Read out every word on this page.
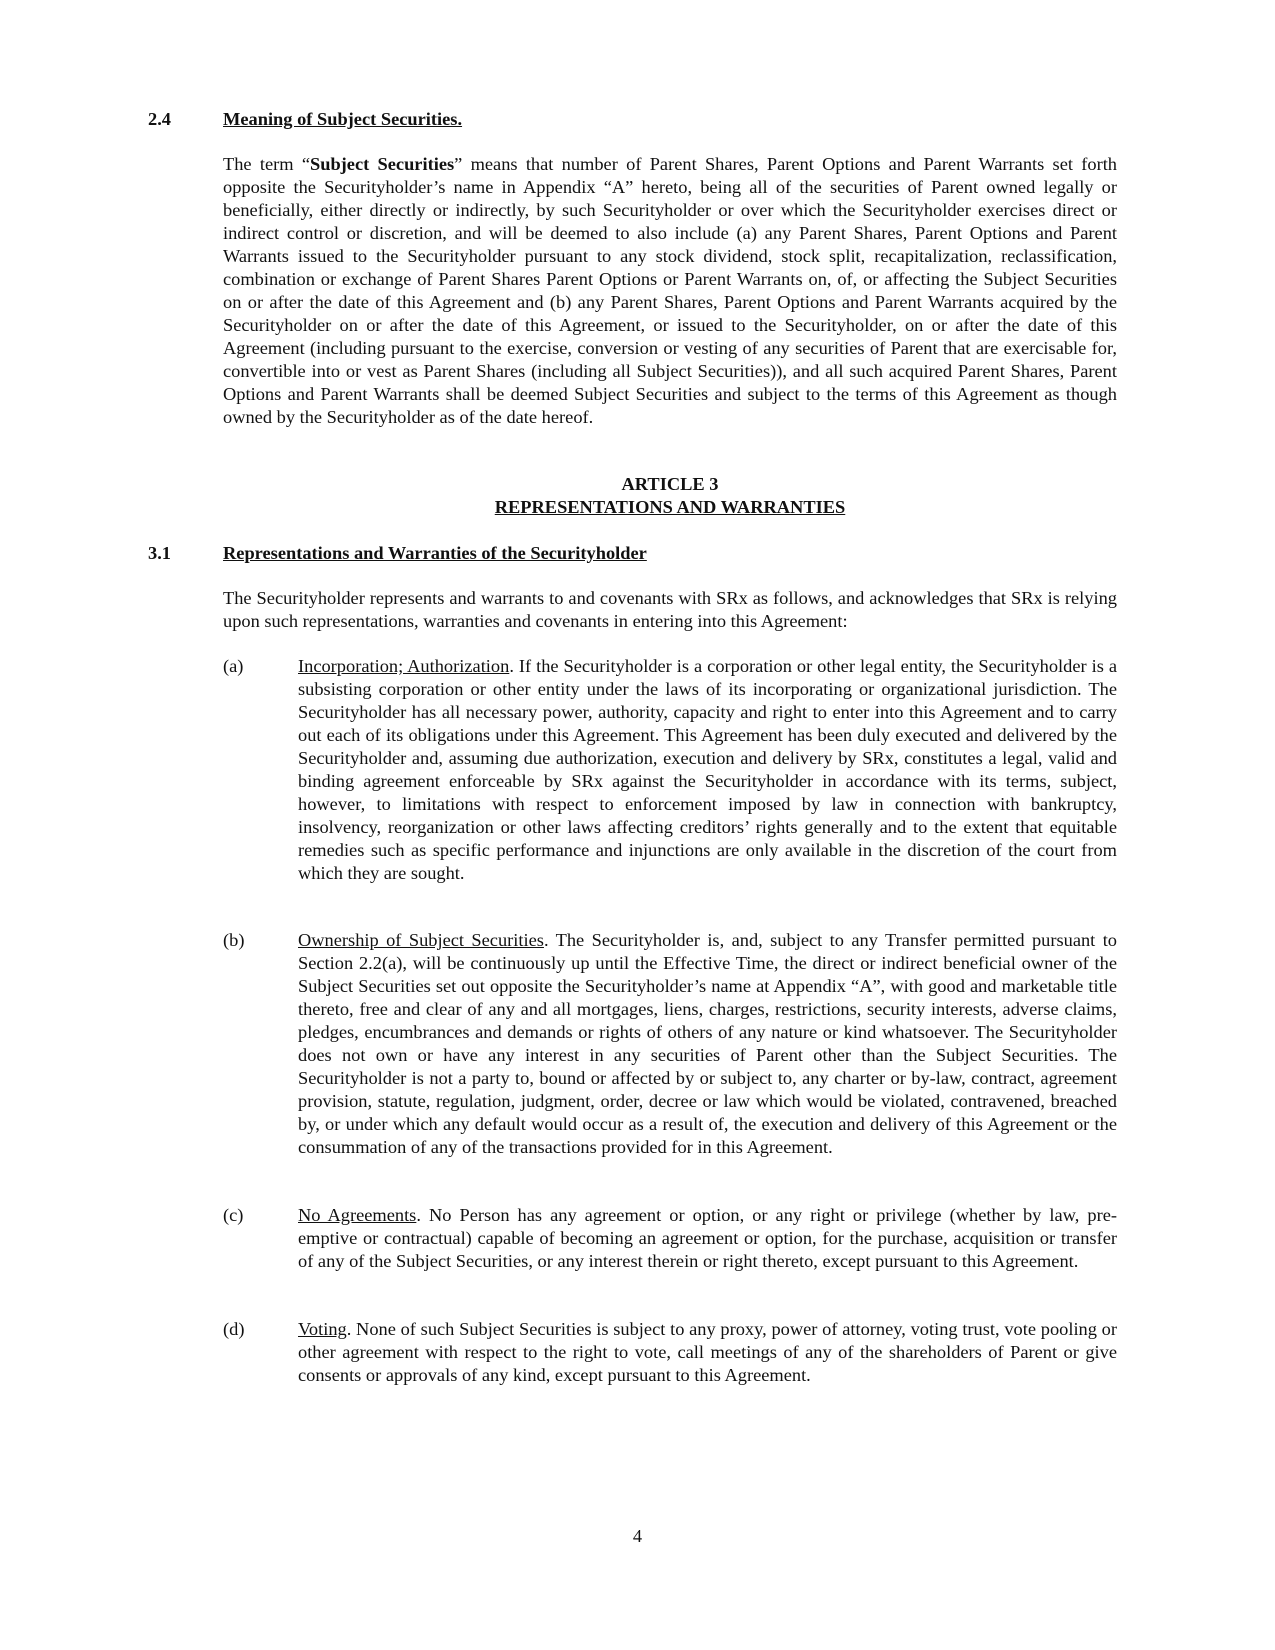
2.4	Meaning of Subject Securities.
The term “Subject Securities” means that number of Parent Shares, Parent Options and Parent Warrants set forth opposite the Securityholder’s name in Appendix “A” hereto, being all of the securities of Parent owned legally or beneficially, either directly or indirectly, by such Securityholder or over which the Securityholder exercises direct or indirect control or discretion, and will be deemed to also include (a) any Parent Shares, Parent Options and Parent Warrants issued to the Securityholder pursuant to any stock dividend, stock split, recapitalization, reclassification, combination or exchange of Parent Shares Parent Options or Parent Warrants on, of, or affecting the Subject Securities on or after the date of this Agreement and (b) any Parent Shares, Parent Options and Parent Warrants acquired by the Securityholder on or after the date of this Agreement, or issued to the Securityholder, on or after the date of this Agreement (including pursuant to the exercise, conversion or vesting of any securities of Parent that are exercisable for, convertible into or vest as Parent Shares (including all Subject Securities)), and all such acquired Parent Shares, Parent Options and Parent Warrants shall be deemed Subject Securities and subject to the terms of this Agreement as though owned by the Securityholder as of the date hereof.
ARTICLE 3
REPRESENTATIONS AND WARRANTIES
3.1	Representations and Warranties of the Securityholder
The Securityholder represents and warrants to and covenants with SRx as follows, and acknowledges that SRx is relying upon such representations, warranties and covenants in entering into this Agreement:
(a)	Incorporation; Authorization. If the Securityholder is a corporation or other legal entity, the Securityholder is a subsisting corporation or other entity under the laws of its incorporating or organizational jurisdiction. The Securityholder has all necessary power, authority, capacity and right to enter into this Agreement and to carry out each of its obligations under this Agreement. This Agreement has been duly executed and delivered by the Securityholder and, assuming due authorization, execution and delivery by SRx, constitutes a legal, valid and binding agreement enforceable by SRx against the Securityholder in accordance with its terms, subject, however, to limitations with respect to enforcement imposed by law in connection with bankruptcy, insolvency, reorganization or other laws affecting creditors’ rights generally and to the extent that equitable remedies such as specific performance and injunctions are only available in the discretion of the court from which they are sought.
(b)	Ownership of Subject Securities. The Securityholder is, and, subject to any Transfer permitted pursuant to Section 2.2(a), will be continuously up until the Effective Time, the direct or indirect beneficial owner of the Subject Securities set out opposite the Securityholder’s name at Appendix “A”, with good and marketable title thereto, free and clear of any and all mortgages, liens, charges, restrictions, security interests, adverse claims, pledges, encumbrances and demands or rights of others of any nature or kind whatsoever. The Securityholder does not own or have any interest in any securities of Parent other than the Subject Securities. The Securityholder is not a party to, bound or affected by or subject to, any charter or by-law, contract, agreement provision, statute, regulation, judgment, order, decree or law which would be violated, contravened, breached by, or under which any default would occur as a result of, the execution and delivery of this Agreement or the consummation of any of the transactions provided for in this Agreement.
(c)	No Agreements. No Person has any agreement or option, or any right or privilege (whether by law, pre-emptive or contractual) capable of becoming an agreement or option, for the purchase, acquisition or transfer of any of the Subject Securities, or any interest therein or right thereto, except pursuant to this Agreement.
(d)	Voting. None of such Subject Securities is subject to any proxy, power of attorney, voting trust, vote pooling or other agreement with respect to the right to vote, call meetings of any of the shareholders of Parent or give consents or approvals of any kind, except pursuant to this Agreement.
4
